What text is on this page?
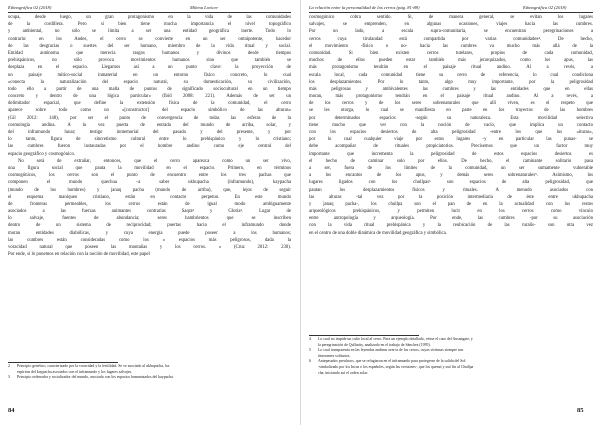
Ethnográfica 02 (2018)	Milena Lovicer
ocupa, desde luego, un gran protagonismo en la vida de las comunidades
de la cordillera. Pero si bien tiene mucha importancia el nivel topográfico
y ambiental, no sólo se limita a ser una entidad geográfica inerte. Todo lo
contrario: en los Andes, el cerro se convierte en un ser omnipotente, hacedor
de las desgracias o suertes del ser humano, miembro de la vida ritual y social.
Entidad autónoma que merecía rasgos humanos y divinos desde tiempos
prehispánicos, no sólo provoca movimientos humanos sino que también se
desplaza en el espacio. Llegamos así a un punto clave: la proyección de
un paisaje mítico-social inmaterial en un entorno físico concreto, lo cual
«conecta la naturalización del espacio natural, su domesticación, su civilización,
todo ello a partir de una malla de puntos de significado sociocultural en un tiempo
concreto y dentro de una lógica particular» (Ibid 2008: 221). Además de ser un
delimitador espacial, que define la extensión física de la comunidad, el cerro
aparece sobre todo como un «[constructor] del espacio simbólico de las alturas»
(Gil 2012: 148), por ser el punto de convergencia de todas las esferas de la
cosmología andina. A la vez puerta de entrada del mundo de arriba, solar, y
del inframundo lunar; testigo inmemorial del pasado y del presente, y por
lo tanto, figura de sincretismo cultural entre lo prehispánico y lo cristiano;
las cumbres fueron instauradas por el hombre andino como eje central del
espacio geográfico y cosmogónico.
No será de extrañar, entonces, que el cerro aparezca como un ser vivo,
una figura social que pauta la movilidad en el espacio. Primero, en términos
cosmogónicos, los cerros son el punto de encuentro entre los tres pachas que
componen el mundo quechua –a saber ukhupacha (inframundo), kaypacha
(mundo de los hombres) y janaq pacha (mundo de arriba), que, lejos de seguir
el esquema maniqueo cristiano, están en contacto perpetuo. En este mundo
de fronteras permeables, los cerros están de igual modo ambiguamente
asociados a las fuerzas animantes contrarias Saqra² y Gloria³. Lugar de
lo salvaje, fuentes de abundancia; seres hambrientos que se inscriben
dentro de un sistema de reciprocidad; puertas hacia el inframundo donde
moran entidades diabólicas, y cuya energía puede poseer a los humanos;
las cumbres están consideradas como los « espacios más peligrosos, dada la
voracidad natural que poseen las montañas y los cerros. » (Cruz 2012: 230).
Por ende, si lo ponemos en relación con la noción de movilidad, este papel
2 Principio genético, caracterizado por la voracidad y la fertilidad. Se ve asociado al ukhupacha, los
espíritus del kaypacha asociados con el inframundo y los lugares salvajes.
3 Principio ordenador y socializador del mundo, asociado con los espacios humanizados del kaypacha.
84
La relación entre la personalidad de los cerros (pág. 81-88)	Ethnográfica 02 (2018)
cosmogónico cobra sentido. Si, de manera general, se evitan los lugares
salvajes, se emprenden, en algunas ocasiones, viajes hacia las cumbres.
Por un lado, a escala supra-comunitaria, se encuentran peregrinaciones a
cerros cuya tirulandad está compartida por varias comunidades⁴. De hecho,
el movimiento -físico o no- hacia las cumbres va mucho más allá de la
comunidad. Si bien existen cerros tutelares, propios de cada comunidad,
muchos de ellos pueden estar también más jerarquizados, como los apus, las
más protagonismo tendrán en el paisaje ritual andino. Al a revés, a
escala local, cada comunidad tiene su cerro de referencia, lo cual condiciona
los desplazamientos. Por lo tanto, algo muy importante, por la peligrosidad
más peligrosas y ambivalentes las cumbres y las entidades que en ellas
moran, más protagonismo tendrán en el paisaje ritual andino. Al a revés, a
de los cerros y de los seres sobrenaturales que allí viven, es el respeto que
se les otorga, lo cual se manifiesta en parte en los trayectos de las hombres
por determinados espacios -según su naturaleza. Esta movilidad selectiva
tiene mucho que ver con la noción de vacío, que implica un contacto
con los espacios desiertos de alta peligrosidad -entre los que los «ituras»,
por lo cual cualquier viaje por estos lugares -y en particular las punas- se
debe acompañar de rituales propiciatorios. Precisemos que un factor muy
importante que incrementa la peligrosidad de estos espacios desiertos es
el hecho de caminar solo por ellos. De hecho, el caminante solitario pasa
a ser, fuera de los límites de la comunidad, un ser sumamente vulnerable
a los encantos de los apus, y demás seres sobrenaturales⁵. Asimismo, los
lugares ligados con los chullpas⁶ son espacios de alta peligrosidad, que
pautan los desplazamientos físicos y rituales. A menudo asociados con
las alturas -tal vez por la posición intermediaria de éste entre ukhupacha
y janaq pacha-, los chullpa son el pan de en la actualidad con los restos
arqueológicos prehispánicos, y permiten lucir en los cerros como vínculo
entre antropología y arqueología. Por ende, las cumbres -por su asociación
con la vida ritual prehispánica y la reubicación de las ruralis- son otra vez
en el centro de una doble dinámica de movilidad geográfica y simbólica.
4 Lo cual no impide un culto local al cerro. Para un ejemplo detallado, véase el caso del Ausangate, y
la peregrinación de Qullurity, analizado en el trabajo de Sánchez (1995).
5 Lo cual transparenta en las leyendas andinas acerca de los cerros, cuyas víctimas siempre son
itinerantes solitarios.
6 Antepasados preulacos, que se refugiaron en el inframundo para protegerse de la salida del Sol
-simbolizado por los Incas o los españoles, según las versiones-, que los quemó y usó fin al Chullpa
cha, iniciando así el orden solar.
85
